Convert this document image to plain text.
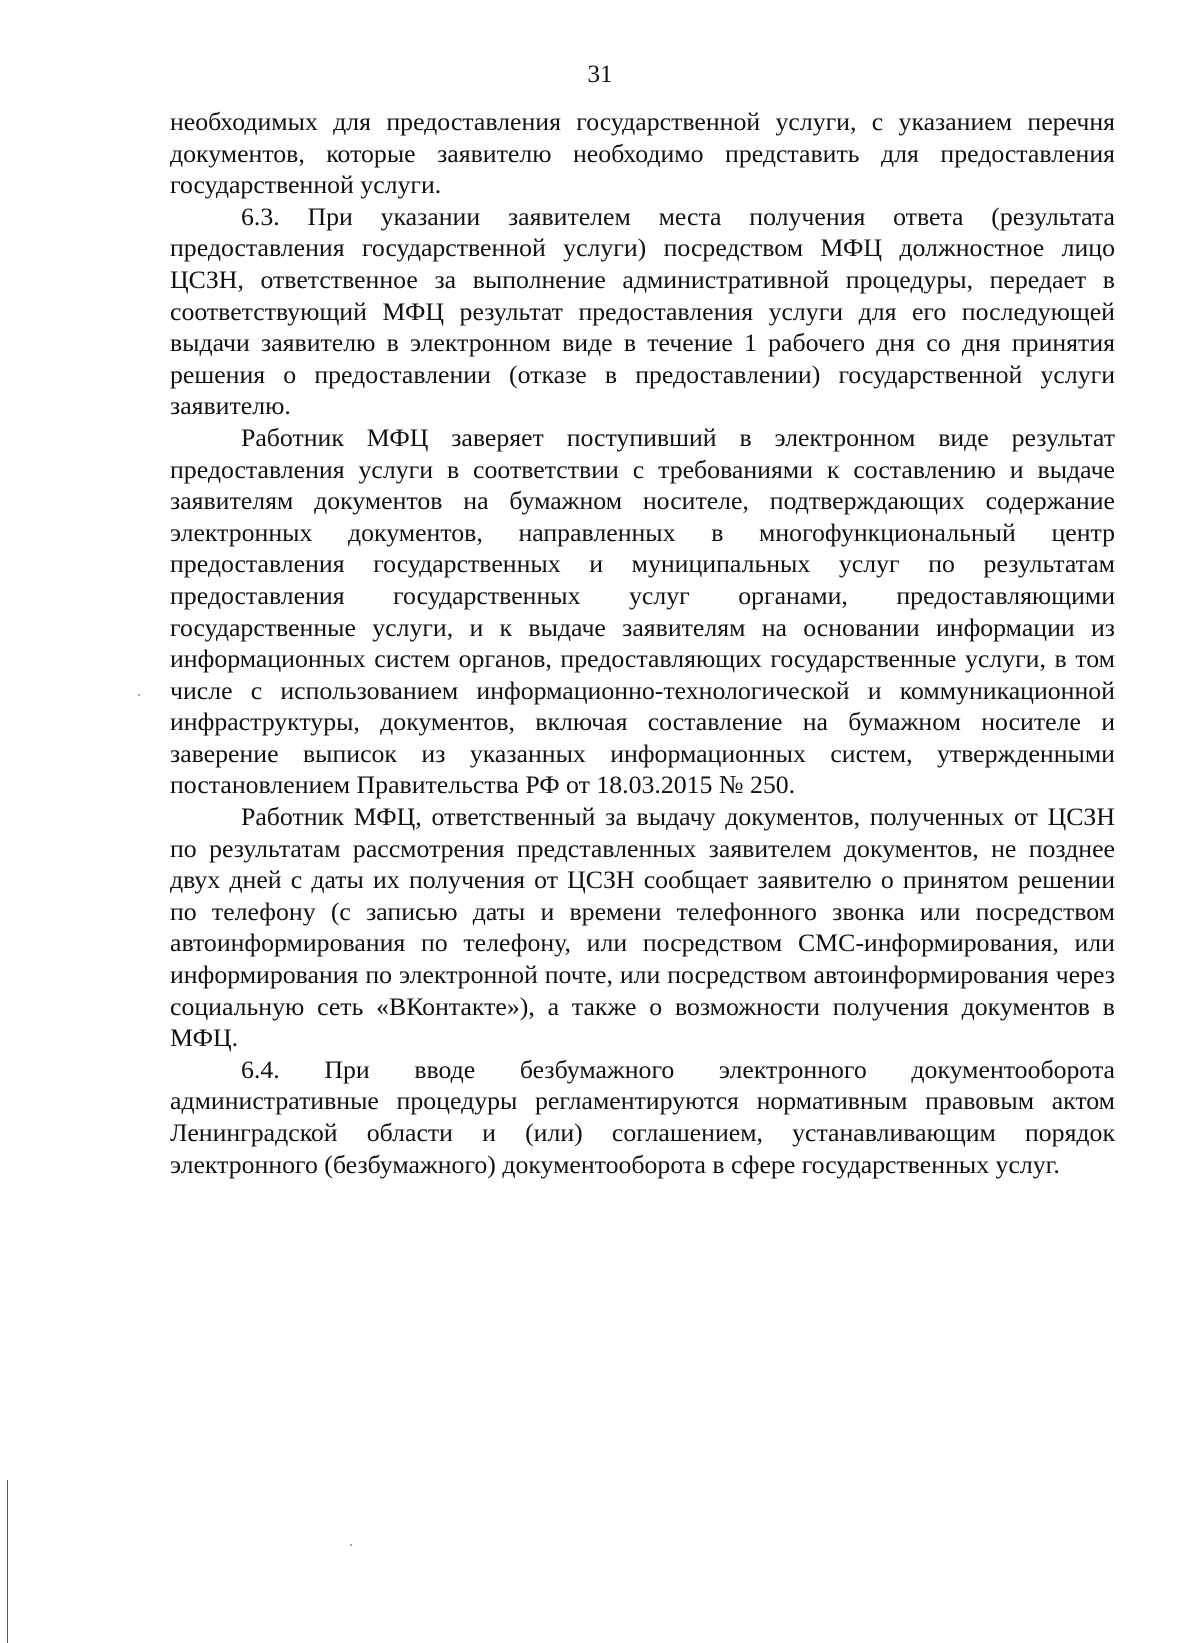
31

необходимых для предоставления государственной услуги, с указанием перечня документов, которые заявителю необходимо представить для предоставления государственной услуги.

6.3. При указании заявителем места получения ответа (результата предоставления государственной услуги) посредством МФЦ должностное лицо ЦСЗН, ответственное за выполнение административной процедуры, передает в соответствующий МФЦ результат предоставления услуги для его последующей выдачи заявителю в электронном виде в течение 1 рабочего дня со дня принятия решения о предоставлении (отказе в предоставлении) государственной услуги заявителю.

Работник МФЦ заверяет поступивший в электронном виде результат предоставления услуги в соответствии с требованиями к составлению и выдаче заявителям документов на бумажном носителе, подтверждающих содержание электронных документов, направленных в многофункциональный центр предоставления государственных и муниципальных услуг по результатам предоставления государственных услуг органами, предоставляющими государственные услуги, и к выдаче заявителям на основании информации из информационных систем органов, предоставляющих государственные услуги, в том числе с использованием информационно-технологической и коммуникационной инфраструктуры, документов, включая составление на бумажном носителе и заверение выписок из указанных информационных систем, утвержденными постановлением Правительства РФ от 18.03.2015 № 250.

Работник МФЦ, ответственный за выдачу документов, полученных от ЦСЗН по результатам рассмотрения представленных заявителем документов, не позднее двух дней с даты их получения от ЦСЗН сообщает заявителю о принятом решении по телефону (с записью даты и времени телефонного звонка или посредством автоинформирования по телефону, или посредством СМС-информирования, или информирования по электронной почте, или посредством автоинформирования через социальную сеть «ВКонтакте»), а также о возможности получения документов в МФЦ.

6.4. При вводе безбумажного электронного документооборота административные процедуры регламентируются нормативным правовым актом Ленинградской области и (или) соглашением, устанавливающим порядок электронного (безбумажного) документооборота в сфере государственных услуг.
